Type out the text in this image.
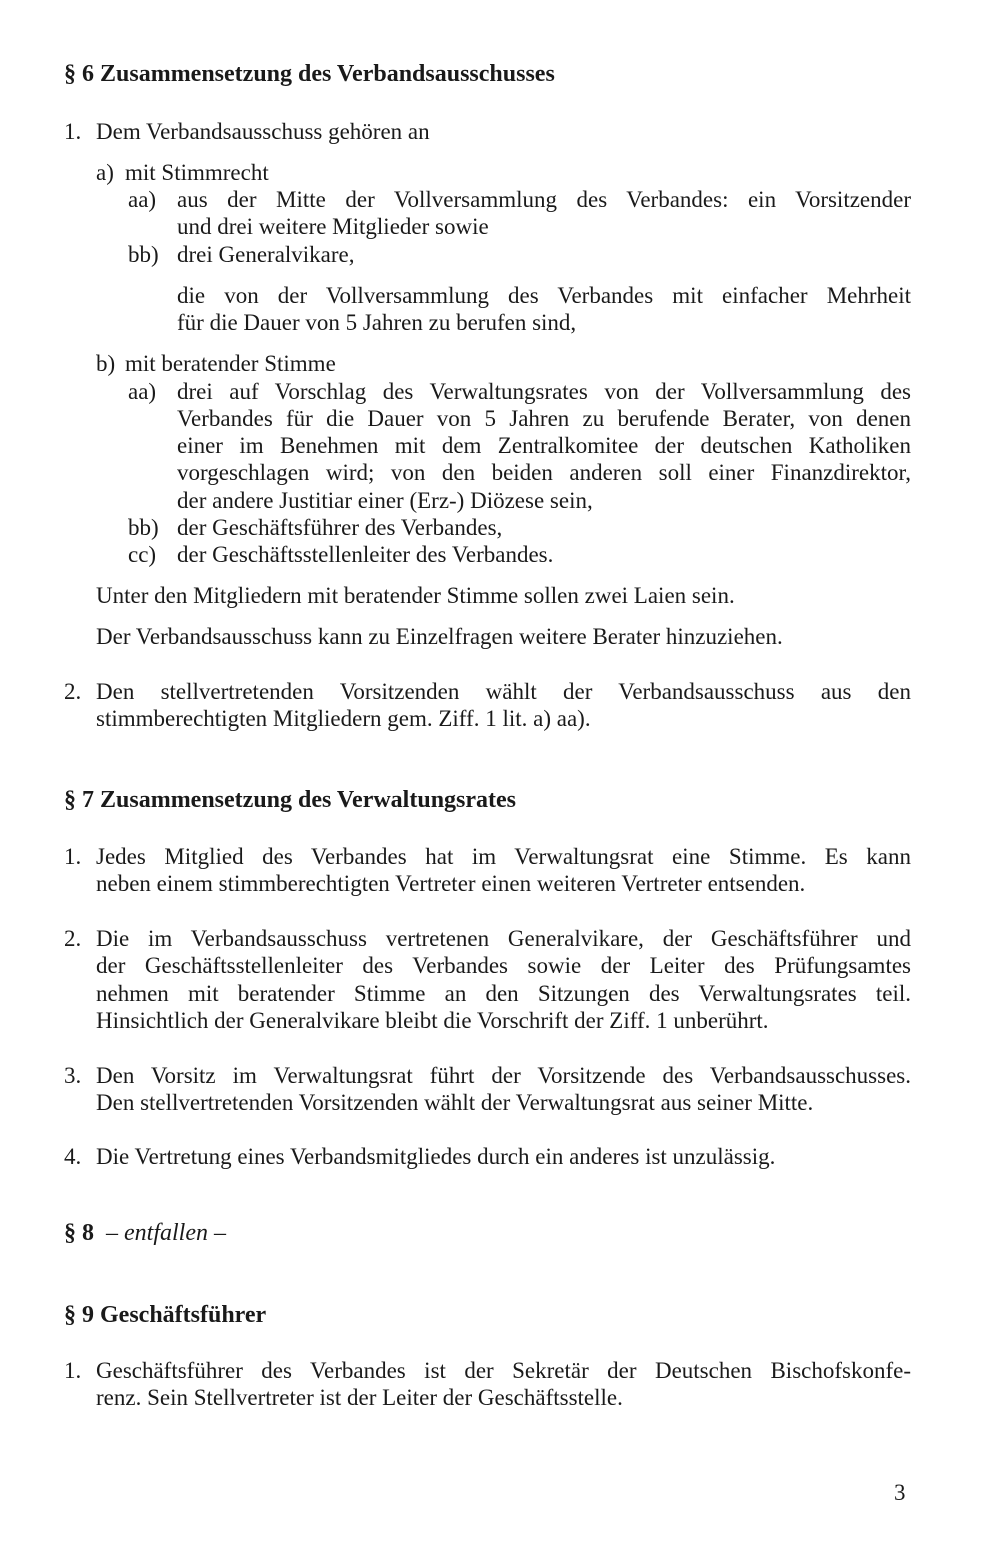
§ 6 Zusammensetzung des Verbandsausschusses
1. Dem Verbandsausschuss gehören an
a) mit Stimmrecht
aa) aus der Mitte der Vollversammlung des Verbandes: ein Vorsitzender
und drei weitere Mitglieder sowie
bb) drei Generalvikare,
die von der Vollversammlung des Verbandes mit einfacher Mehrheit
für die Dauer von 5 Jahren zu berufen sind,
b) mit beratender Stimme
aa) drei auf Vorschlag des Verwaltungsrates von der Vollversammlung des
Verbandes für die Dauer von 5 Jahren zu berufende Berater, von denen
einer im Benehmen mit dem Zentralkomitee der deutschen Katholiken
vorgeschlagen wird; von den beiden anderen soll einer Finanzdirektor,
der andere Justitiar einer (Erz-) Diözese sein,
bb) der Geschäftsführer des Verbandes,
cc) der Geschäftsstellenleiter des Verbandes.
Unter den Mitgliedern mit beratender Stimme sollen zwei Laien sein.
Der Verbandsausschuss kann zu Einzelfragen weitere Berater hinzuziehen.
2. Den stellvertretenden Vorsitzenden wählt der Verbandsausschuss aus den
stimmberechtigten Mitgliedern gem. Ziff. 1 lit. a) aa).
§ 7 Zusammensetzung des Verwaltungsrates
1. Jedes Mitglied des Verbandes hat im Verwaltungsrat eine Stimme. Es kann
neben einem stimmberechtigten Vertreter einen weiteren Vertreter entsenden.
2. Die im Verbandsausschuss vertretenen Generalvikare, der Geschäftsführer und
der Geschäftsstellenleiter des Verbandes sowie der Leiter des Prüfungsamtes
nehmen mit beratender Stimme an den Sitzungen des Verwaltungsrates teil.
Hinsichtlich der Generalvikare bleibt die Vorschrift der Ziff. 1 unberührt.
3. Den Vorsitz im Verwaltungsrat führt der Vorsitzende des Verbandsausschusses.
Den stellvertretenden Vorsitzenden wählt der Verwaltungsrat aus seiner Mitte.
4. Die Vertretung eines Verbandsmitgliedes durch ein anderes ist unzulässig.
§ 8 – entfallen –
§ 9 Geschäftsführer
1. Geschäftsführer des Verbandes ist der Sekretär der Deutschen Bischofskonfe-
renz. Sein Stellvertreter ist der Leiter der Geschäftsstelle.
3
